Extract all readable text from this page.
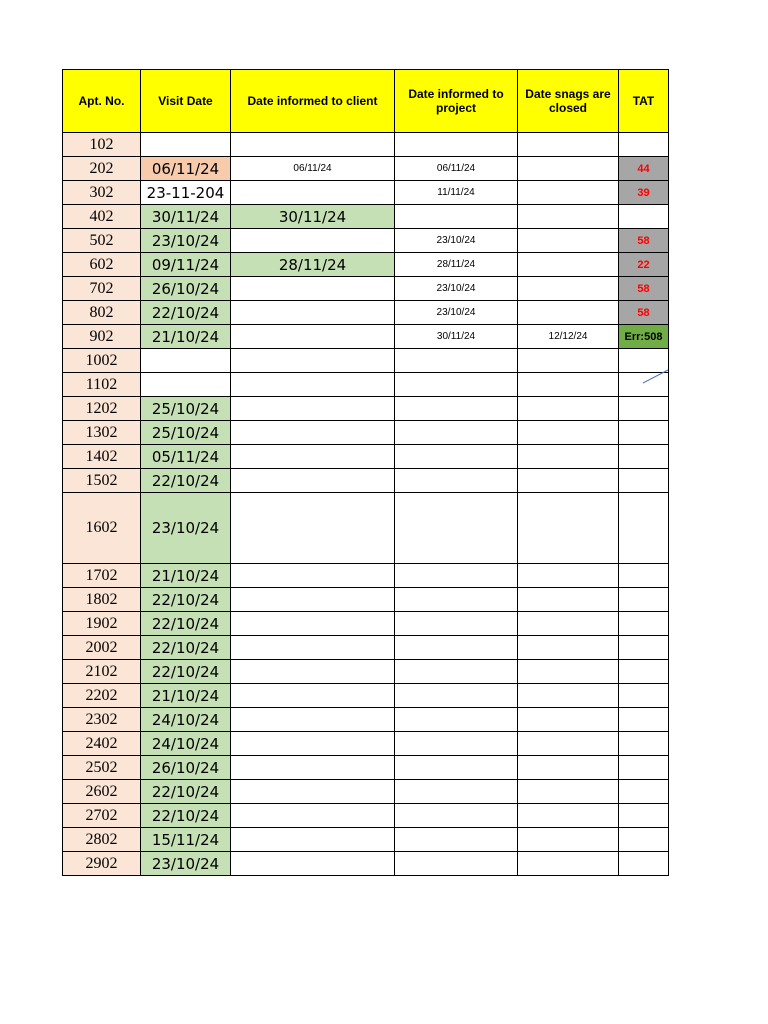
Apt. No.	Visit Date	Date informed to client	Date informed to project	Date snags are closed	TAT
102					
202	06/11/24	06/11/24	06/11/24		44
302	23-11-204		11/11/24		39
402	30/11/24	30/11/24			
502	23/10/24		23/10/24		58
602	09/11/24	28/11/24	28/11/24		22
702	26/10/24		23/10/24		58
802	22/10/24		23/10/24		58
902	21/10/24		30/11/24	12/12/24	Err:508
1002					
1102					
1202	25/10/24				
1302	25/10/24				
1402	05/11/24				
1502	22/10/24				
1602	23/10/24				
1702	21/10/24				
1802	22/10/24				
1902	22/10/24				
2002	22/10/24				
2102	22/10/24				
2202	21/10/24				
2302	24/10/24				
2402	24/10/24				
2502	26/10/24				
2602	22/10/24				
2702	22/10/24				
2802	15/11/24				
2902	23/10/24				
